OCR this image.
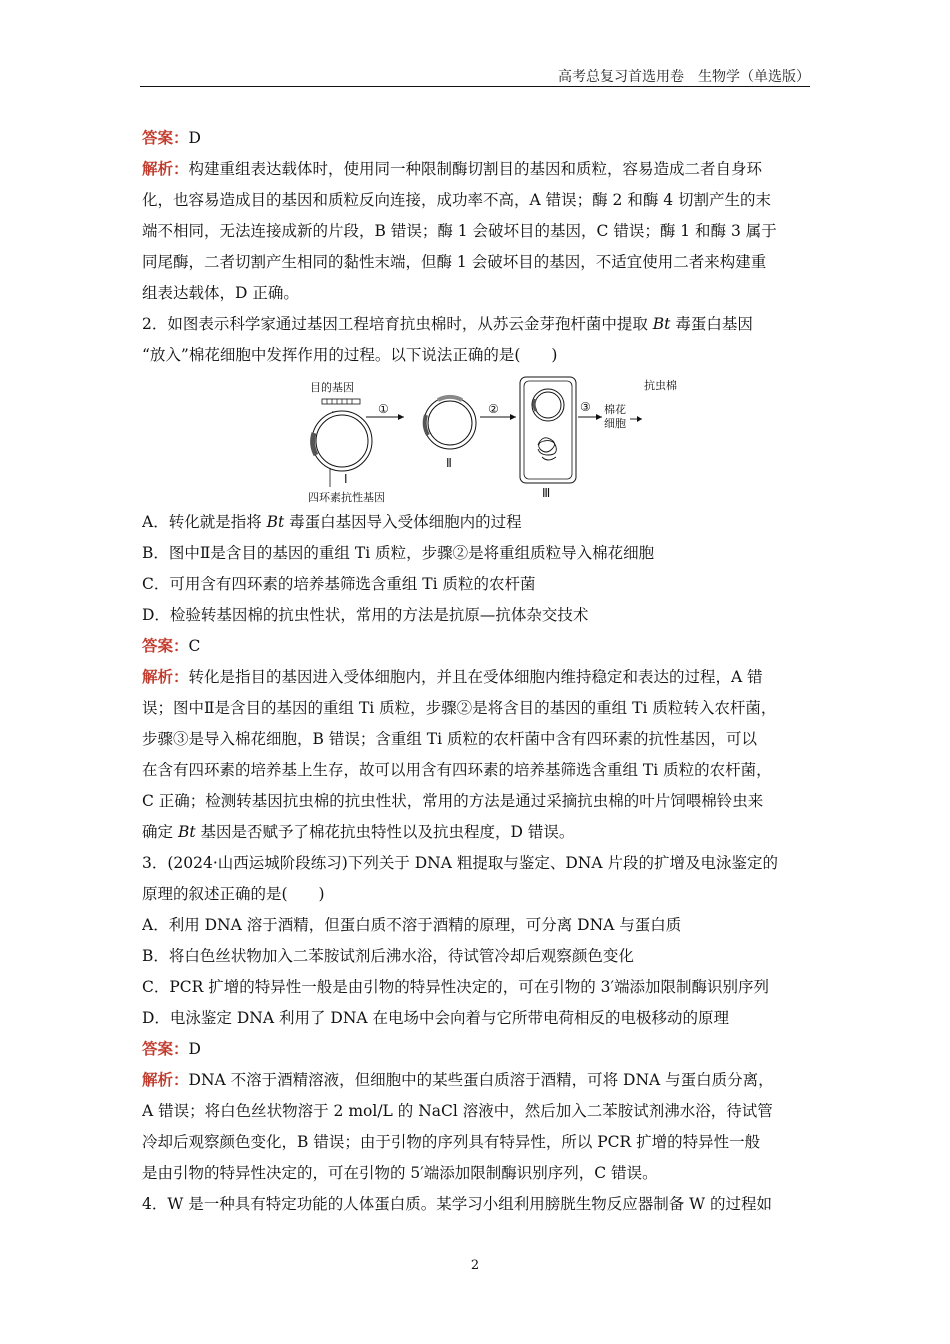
高考总复习首选用卷　生物学（单选版）

答案：D

解析：构建重组表达载体时，使用同一种限制酶切割目的基因和质粒，容易造成二者自身环

化，也容易造成目的基因和质粒反向连接，成功率不高，A 错误；酶 2 和酶 4 切割产生的末

端不相同，无法连接成新的片段，B 错误；酶 1 会破坏目的基因，C 错误；酶 1 和酶 3 属于

同尾酶，二者切割产生相同的黏性末端，但酶 1 会破坏目的基因，不适宜使用二者来构建重

组表达载体，D 正确。

2．如图表示科学家通过基因工程培育抗虫棉时，从苏云金芽孢杆菌中提取 Bt 毒蛋白基因

“放入”棉花细胞中发挥作用的过程。以下说法正确的是(　　)

目的基因
Ⅰ
四环素抗性基因
①
Ⅱ
②
Ⅲ
③ 棉花
细胞
抗虫棉

A．转化就是指将 Bt 毒蛋白基因导入受体细胞内的过程

B．图中Ⅱ是含目的基因的重组 Ti 质粒，步骤②是将重组质粒导入棉花细胞

C．可用含有四环素的培养基筛选含重组 Ti 质粒的农杆菌

D．检验转基因棉的抗虫性状，常用的方法是抗原—抗体杂交技术

答案：C

解析：转化是指目的基因进入受体细胞内，并且在受体细胞内维持稳定和表达的过程，A 错

误；图中Ⅱ是含目的基因的重组 Ti 质粒，步骤②是将含目的基因的重组 Ti 质粒转入农杆菌，

步骤③是导入棉花细胞，B 错误；含重组 Ti 质粒的农杆菌中含有四环素的抗性基因，可以

在含有四环素的培养基上生存，故可以用含有四环素的培养基筛选含重组 Ti 质粒的农杆菌，

C 正确；检测转基因抗虫棉的抗虫性状，常用的方法是通过采摘抗虫棉的叶片饲喂棉铃虫来

确定 Bt 基因是否赋予了棉花抗虫特性以及抗虫程度，D 错误。

3．(2024·山西运城阶段练习)下列关于 DNA 粗提取与鉴定、DNA 片段的扩增及电泳鉴定的

原理的叙述正确的是(　　)

A．利用 DNA 溶于酒精，但蛋白质不溶于酒精的原理，可分离 DNA 与蛋白质

B．将白色丝状物加入二苯胺试剂后沸水浴，待试管冷却后观察颜色变化

C．PCR 扩增的特异性一般是由引物的特异性决定的，可在引物的 3′端添加限制酶识别序列

D．电泳鉴定 DNA 利用了 DNA 在电场中会向着与它所带电荷相反的电极移动的原理

答案：D

解析：DNA 不溶于酒精溶液，但细胞中的某些蛋白质溶于酒精，可将 DNA 与蛋白质分离，

A 错误；将白色丝状物溶于 2 mol/L 的 NaCl 溶液中，然后加入二苯胺试剂沸水浴，待试管

冷却后观察颜色变化，B 错误；由于引物的序列具有特异性，所以 PCR 扩增的特异性一般

是由引物的特异性决定的，可在引物的 5′端添加限制酶识别序列，C 错误。

4．W 是一种具有特定功能的人体蛋白质。某学习小组利用膀胱生物反应器制备 W 的过程如

2
